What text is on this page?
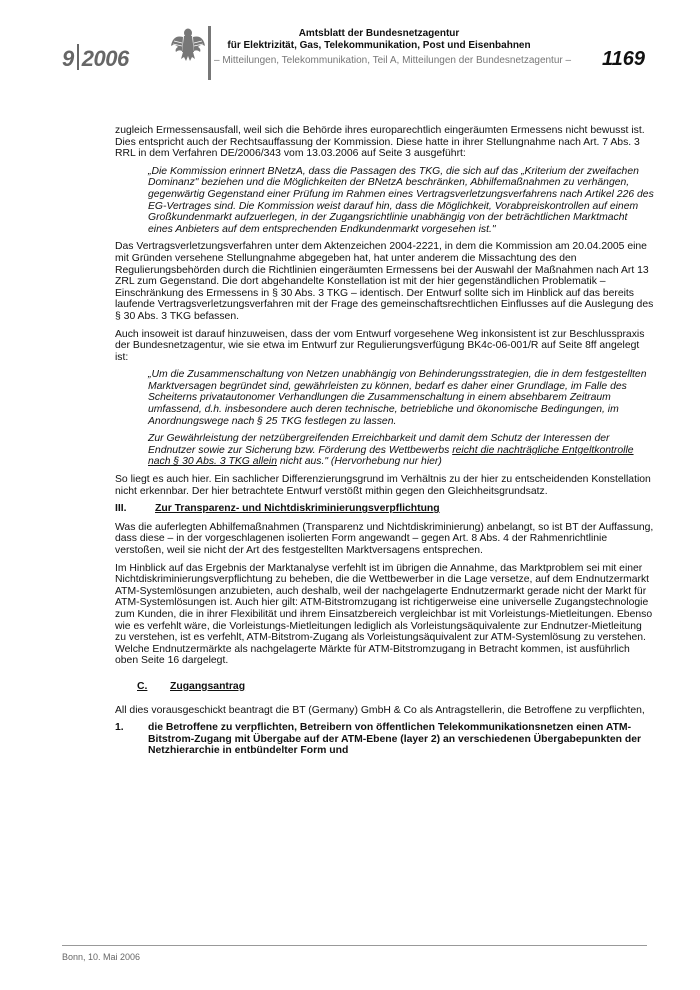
9 2006
Amtsblatt der Bundesnetzagentur
für Elektrizität, Gas, Telekommunikation, Post und Eisenbahnen
– Mitteilungen, Telekommunikation, Teil A, Mitteilungen der Bundesnetzagentur – 1169

zugleich Ermessensausfall, weil sich die Behörde ihres europarechtlich eingeräumten Ermessens nicht bewusst ist. Dies entspricht auch der Rechtsauffassung der Kommission. Diese hatte in ihrer Stellungnahme nach Art. 7 Abs. 3 RRL in dem Verfahren DE/2006/343 vom 13.03.2006 auf Seite 3 ausgeführt:

„Die Kommission erinnert BNetzA, dass die Passagen des TKG, die sich auf das „Kriterium der zweifachen Dominanz" beziehen und die Möglichkeiten der BNetzA beschränken, Abhilfemaßnahmen zu verhängen, gegenwärtig Gegenstand einer Prüfung im Rahmen eines Vertragsverletzungsverfahrens nach Artikel 226 des EG-Vertrages sind. Die Kommission weist darauf hin, dass die Möglichkeit, Vorabpreiskontrollen auf einem Großkundenmarkt aufzuerlegen, in der Zugangsrichtlinie unabhängig von der beträchtlichen Marktmacht eines Anbieters auf dem entsprechenden Endkundenmarkt vorgesehen ist."

Das Vertragsverletzungsverfahren unter dem Aktenzeichen 2004-2221, in dem die Kommission am 20.04.2005 eine mit Gründen versehene Stellungnahme abgegeben hat, hat unter anderem die Missachtung des den Regulierungsbehörden durch die Richtlinien eingeräumten Ermessens bei der Auswahl der Maßnahmen nach Art 13 ZRL zum Gegenstand. Die dort abgehandelte Konstellation ist mit der hier gegenständlichen Problematik – Einschränkung des Ermessens in § 30 Abs. 3 TKG – identisch. Der Entwurf sollte sich im Hinblick auf das bereits laufende Vertragsverletzungsverfahren mit der Frage des gemeinschaftsrechtlichen Einflusses auf die Auslegung des § 30 Abs. 3 TKG befassen.

Auch insoweit ist darauf hinzuweisen, dass der vom Entwurf vorgesehene Weg inkonsistent ist zur Beschlusspraxis der Bundesnetzagentur, wie sie etwa im Entwurf zur Regulierungsverfügung BK4c-06-001/R auf Seite 8ff angelegt ist:

„Um die Zusammenschaltung von Netzen unabhängig von Behinderungsstrategien, die in dem festgestellten Marktversagen begründet sind, gewährleisten zu können, bedarf es daher einer Grundlage, im Falle des Scheiterns privatautonomer Verhandlungen die Zusammenschaltung in einem absehbarem Zeitraum umfassend, d.h. insbesondere auch deren technische, betriebliche und ökonomische Bedingungen, im Anordnungswege nach § 25 TKG festlegen zu lassen.

Zur Gewährleistung der netzübergreifenden Erreichbarkeit und damit dem Schutz der Interessen der Endnutzer sowie zur Sicherung bzw. Förderung des Wettbewerbs reicht die nachträgliche Entgeltkontrolle nach § 30 Abs. 3 TKG allein nicht aus." (Hervorhebung nur hier)

So liegt es auch hier. Ein sachlicher Differenzierungsgrund im Verhältnis zu der hier zu entscheidenden Konstellation nicht erkennbar. Der hier betrachtete Entwurf verstößt mithin gegen den Gleichheitsgrundsatz.

III.	Zur Transparenz- und Nichtdiskriminierungsverpflichtung

Was die auferlegten Abhilfemaßnahmen (Transparenz und Nichtdiskriminierung) anbelangt, so ist BT der Auffassung, dass diese – in der vorgeschlagenen isolierten Form angewandt – gegen Art. 8 Abs. 4 der Rahmenrichtlinie verstoßen, weil sie nicht der Art des festgestellten Marktversagens entsprechen.

Im Hinblick auf das Ergebnis der Marktanalyse verfehlt ist im übrigen die Annahme, das Marktproblem sei mit einer Nichtdiskriminierungsverpflichtung zu beheben, die die Wettbewerber in die Lage versetze, auf dem Endnutzermarkt ATM-Systemlösungen anzubieten, auch deshalb, weil der nachgelagerte Endnutzermarkt gerade nicht der Markt für ATM-Systemlösungen ist. Auch hier gilt: ATM-Bitstromzugang ist richtigerweise eine universelle Zugangstechnologie zum Kunden, die in ihrer Flexibilität und ihrem Einsatzbereich vergleichbar ist mit Vorleistungs-Mietleitungen. Ebenso wie es verfehlt wäre, die Vorleistungs-Mietleitungen lediglich als Vorleistungsäquivalente zur Endnutzer-Mietleitung zu verstehen, ist es verfehlt, ATM-Bitstrom-Zugang als Vorleistungsäquivalent zur ATM-Systemlösung zu verstehen. Welche Endnutzermärkte als nachgelagerte Märkte für ATM-Bitstromzugang in Betracht kommen, ist ausführlich oben Seite 16 dargelegt.

C. Zugangsantrag

All dies vorausgeschickt beantragt die BT (Germany) GmbH & Co als Antragstellerin, die Betroffene zu verpflichten,

1.	die Betroffene zu verpflichten, Betreibern von öffentlichen Telekommunikationsnetzen einen ATM-Bitstrom-Zugang mit Übergabe auf der ATM-Ebene (layer 2) an verschiedenen Übergabepunkten der Netzhierarchie in entbündelter Form und
Bonn, 10. Mai 2006
